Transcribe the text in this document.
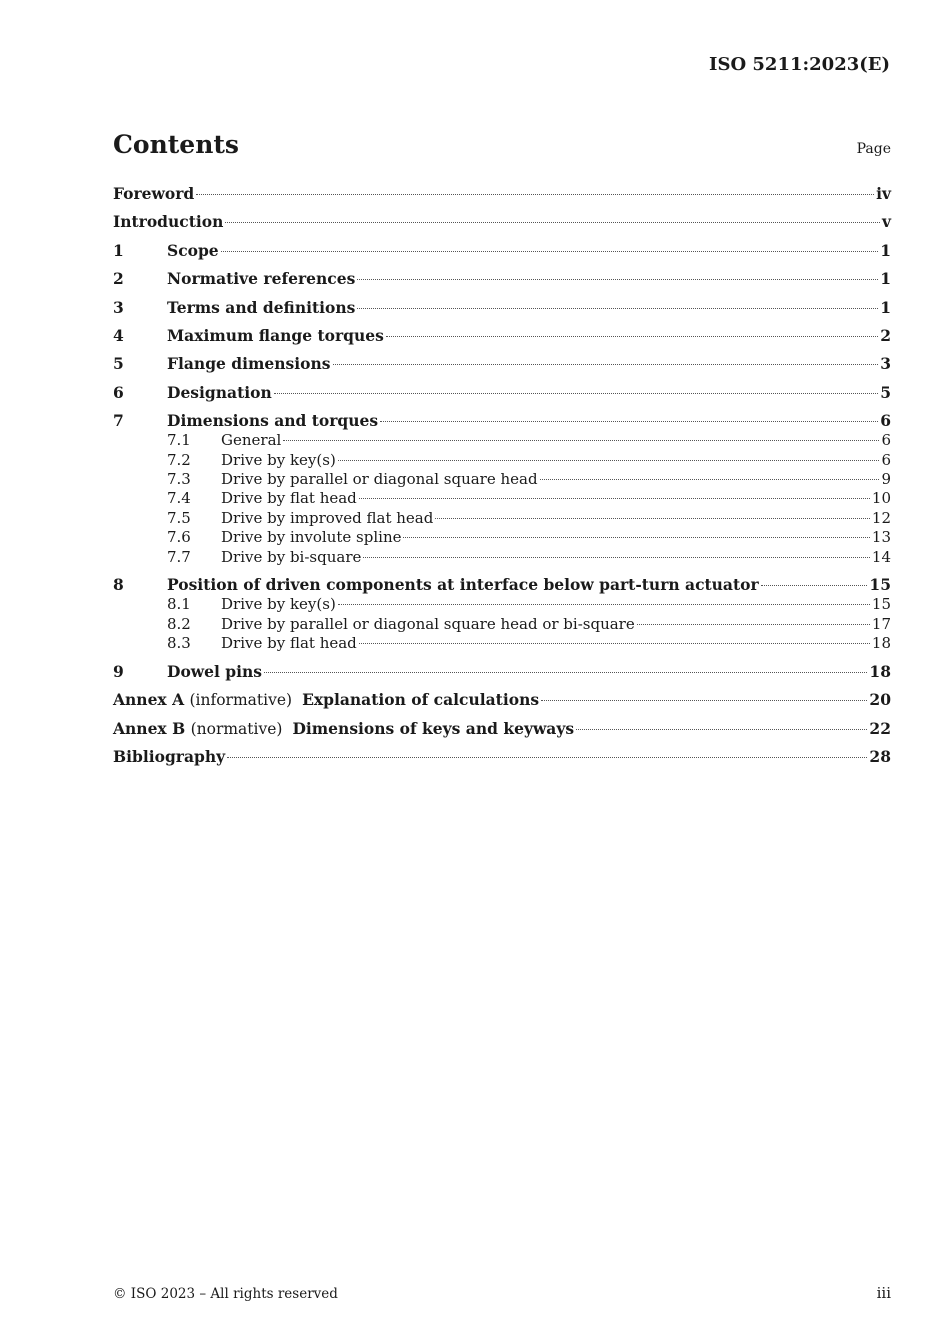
ISO 5211:2023(E)
Contents	Page
Foreword	iv
Introduction	v
1	Scope	1
2	Normative references	1
3	Terms and definitions	1
4	Maximum flange torques	2
5	Flange dimensions	3
6	Designation	5
7	Dimensions and torques	6
7.1	General	6
7.2	Drive by key(s)	6
7.3	Drive by parallel or diagonal square head	9
7.4	Drive by flat head	10
7.5	Drive by improved flat head	12
7.6	Drive by involute spline	13
7.7	Drive by bi-square	14
8	Position of driven components at interface below part-turn actuator	15
8.1	Drive by key(s)	15
8.2	Drive by parallel or diagonal square head or bi-square	17
8.3	Drive by flat head	18
9	Dowel pins	18
Annex A (informative) Explanation of calculations	20
Annex B (normative) Dimensions of keys and keyways	22
Bibliography	28
© ISO 2023 – All rights reserved	iii
